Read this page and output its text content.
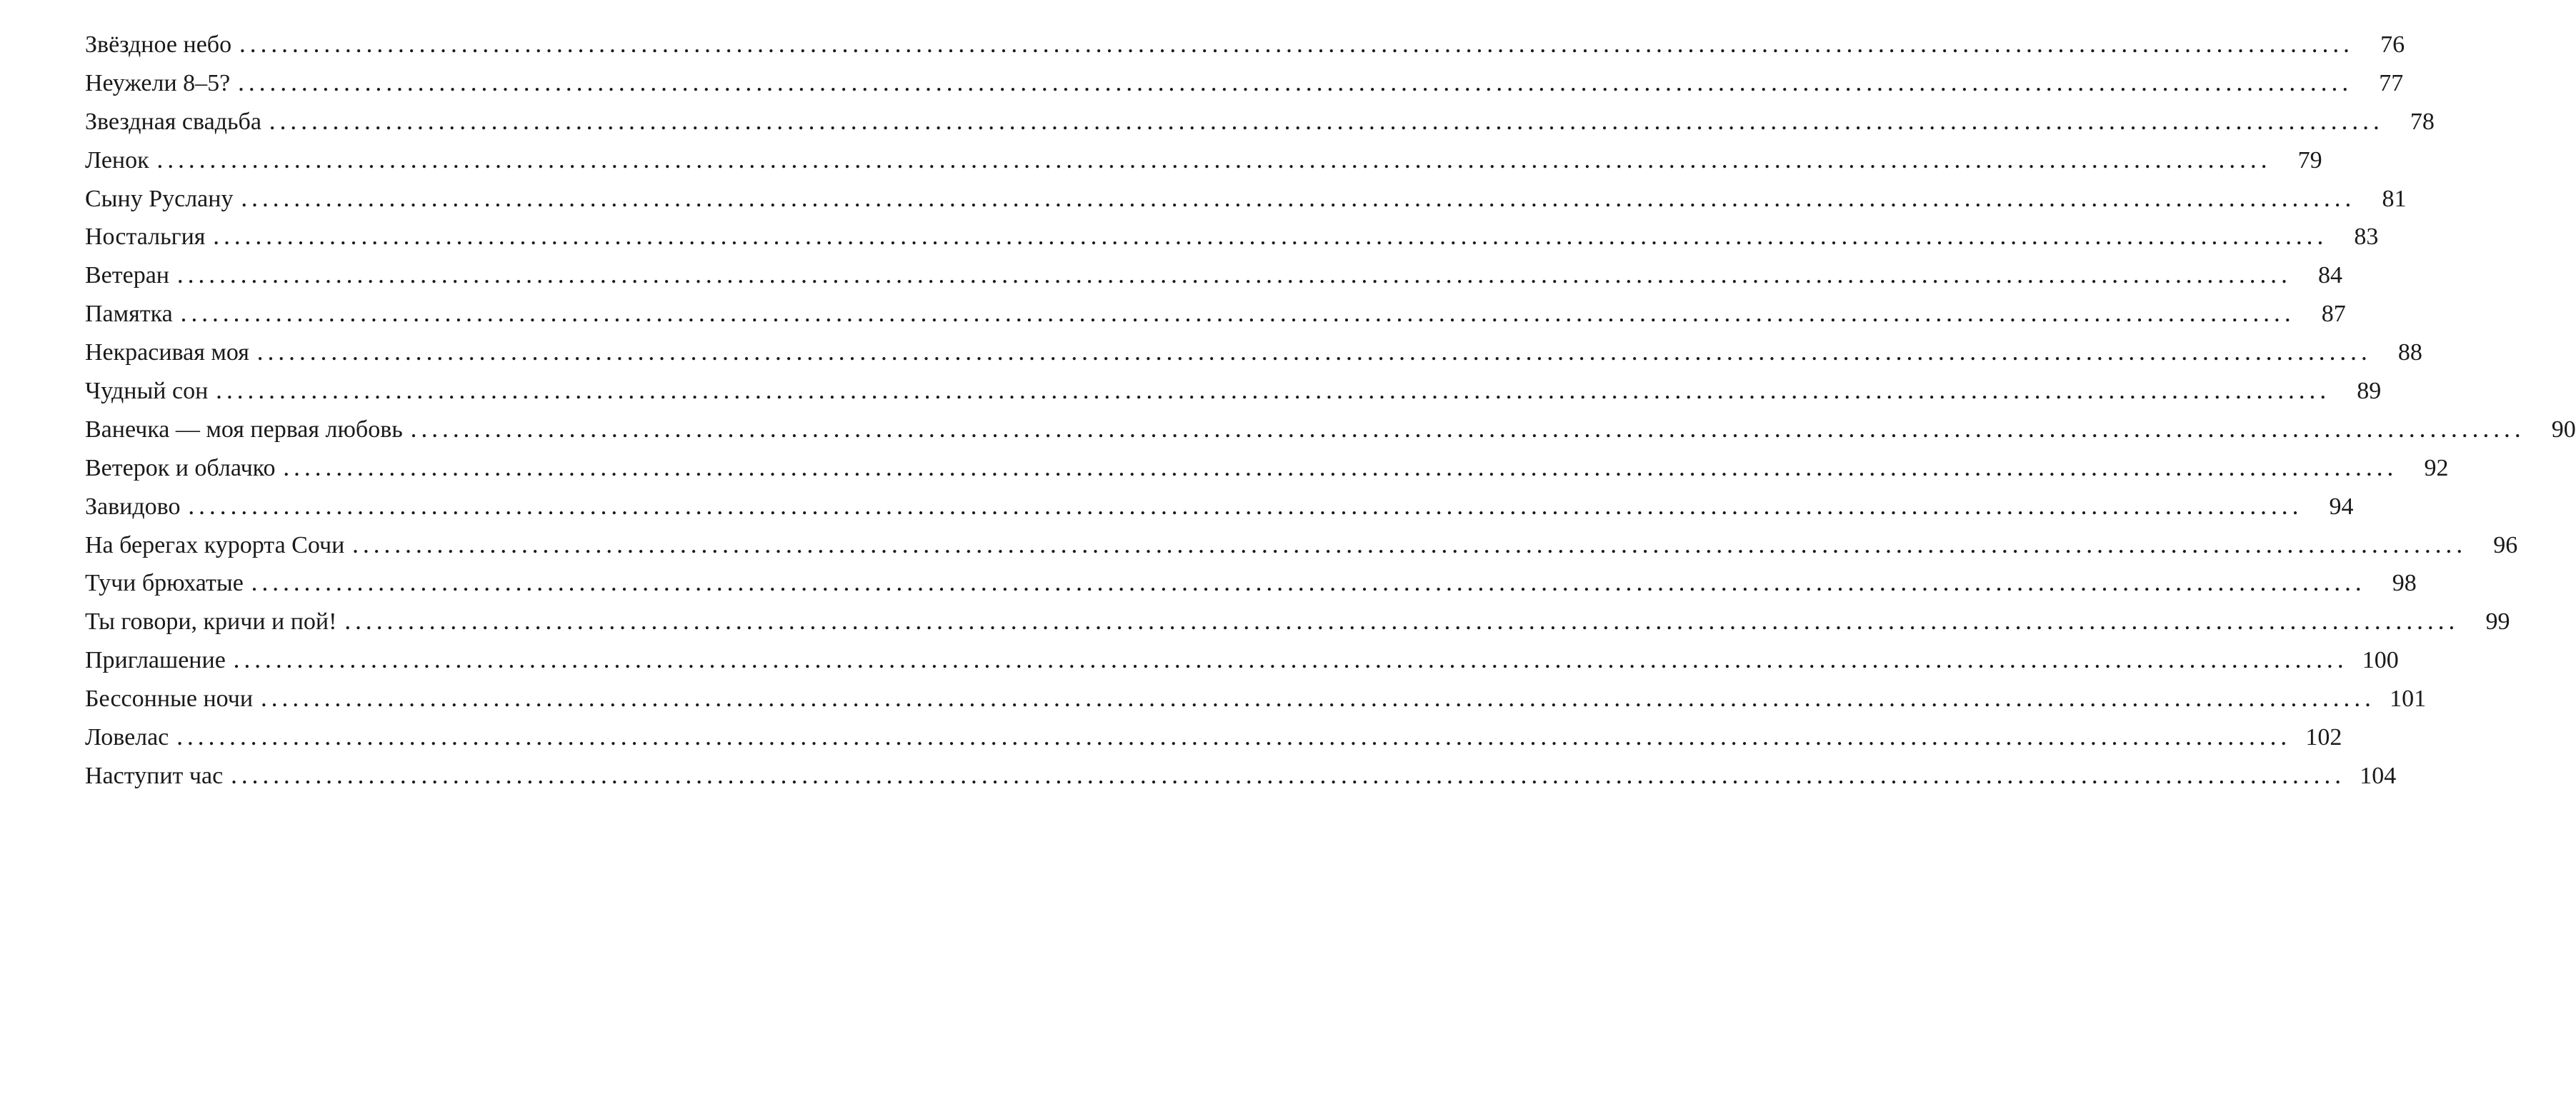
Звёздное небо ........................................................................................................................................................................................................	76
Неужели 8–5? ........................................................................................................................................................................................................	77
Звездная свадьба ........................................................................................................................................................................................................	78
Ленок ........................................................................................................................................................................................................	79
Сыну Руслану ........................................................................................................................................................................................................	81
Ностальгия ........................................................................................................................................................................................................	83
Ветеран ........................................................................................................................................................................................................	84
Памятка ........................................................................................................................................................................................................	87
Некрасивая моя ........................................................................................................................................................................................................	88
Чудный сон ........................................................................................................................................................................................................	89
Ванечка — моя первая любовь ........................................................................................................................................................................................................	90
Ветерок и облачко ........................................................................................................................................................................................................	92
Завидово ........................................................................................................................................................................................................	94
На берегах курорта Сочи ........................................................................................................................................................................................................	96
Тучи брюхатые ........................................................................................................................................................................................................	98
Ты говори, кричи и пой! ........................................................................................................................................................................................................	99
Приглашение ........................................................................................................................................................................................................ 100
Бессонные ночи ........................................................................................................................................................................................................ 101
Ловелас ........................................................................................................................................................................................................ 102
Наступит час ........................................................................................................................................................................................................ 104
